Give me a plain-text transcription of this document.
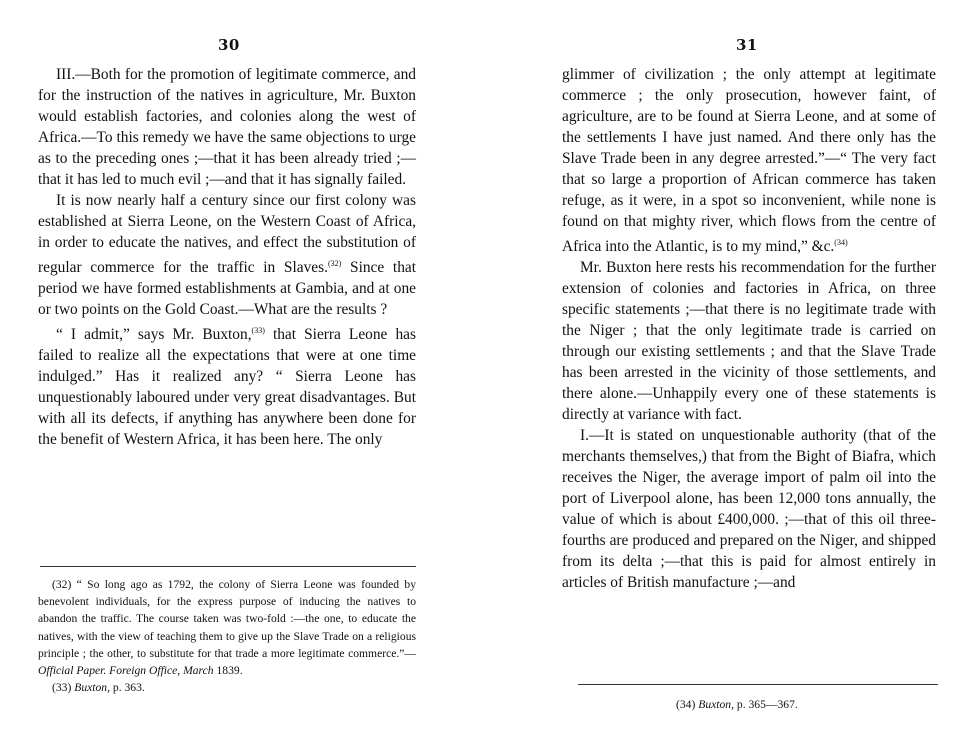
30

III.—Both for the promotion of legitimate commerce, and for the instruction of the natives in agriculture, Mr. Buxton would establish factories, and colonies along the west of Africa.—To this remedy we have the same objections to urge as to the preceding ones ;—that it has been already tried ;—that it has led to much evil ;—and that it has signally failed.

It is now nearly half a century since our first colony was established at Sierra Leone, on the Western Coast of Africa, in order to educate the natives, and effect the substitution of regular commerce for the traffic in Slaves.$^{(32)}$ Since that period we have formed establishments at Gambia, and at one or two points on the Gold Coast.—What are the results ?

“ I admit,” says Mr. Buxton,$^{(33)}$ that Sierra Leone has failed to realize all the expectations that were at one time indulged.” Has it realized any? “ Sierra Leone has unquestionably laboured under very great disadvantages. But with all its defects, if anything has anywhere been done for the benefit of Western Africa, it has been here. The only

(32) “ So long ago as 1792, the colony of Sierra Leone was founded by benevolent individuals, for the express purpose of inducing the natives to abandon the traffic. The course taken was two-fold :—the one, to educate the natives, with the view of teaching them to give up the Slave Trade on a religious principle ; the other, to substitute for that trade a more legitimate commerce.”—Official Paper. Foreign Office, March 1839.

(33) Buxton, p. 363.

31

glimmer of civilization ; the only attempt at legitimate commerce ; the only prosecution, however faint, of agriculture, are to be found at Sierra Leone, and at some of the settlements I have just named. And there only has the Slave Trade been in any degree arrested.”—“ The very fact that so large a proportion of African commerce has taken refuge, as it were, in a spot so inconvenient, while none is found on that mighty river, which flows from the centre of Africa into the Atlantic, is to my mind,” &c.$^{(34)}$

Mr. Buxton here rests his recommendation for the further extension of colonies and factories in Africa, on three specific statements ;—that there is no legitimate trade with the Niger ; that the only legitimate trade is carried on through our existing settlements ; and that the Slave Trade has been arrested in the vicinity of those settlements, and there alone.—Unhappily every one of these statements is directly at variance with fact.

I.—It is stated on unquestionable authority (that of the merchants themselves,) that from the Bight of Biafra, which receives the Niger, the average import of palm oil into the port of Liverpool alone, has been 12,000 tons annually, the value of which is about £400,000. ;—that of this oil three-fourths are produced and prepared on the Niger, and shipped from its delta ;—that this is paid for almost entirely in articles of British manufacture ;—and

(34) Buxton, p. 365—367.
